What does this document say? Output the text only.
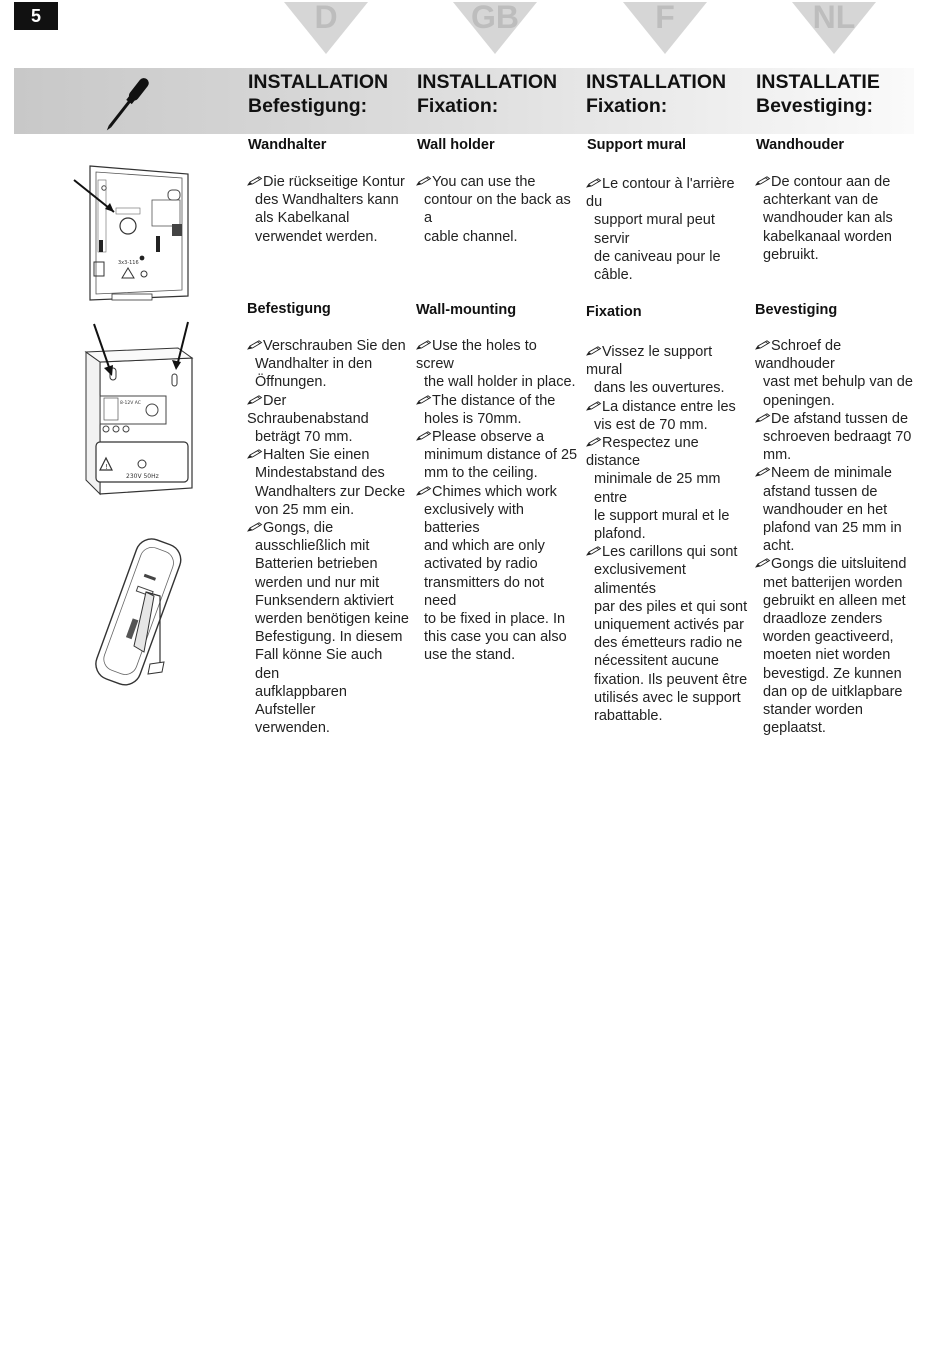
5	D	GB	F	NL
INSTALLATION
Befestigung:
INSTALLATION
Fixation:
INSTALLATION
Fixation:
INSTALLATIE
Bevestiging:
Wandhalter	Wall holder	Support mural	Wandhouder
Die rückseitige Kontur
des Wandhalters kann
als Kabelkanal
verwendet werden.
You can use the
contour on the back as a
cable channel.
Le contour à l'arrière du
support mural peut servir
de caniveau pour le
câble.
De contour aan de
achterkant van de
wandhouder kan als
kabelkanaal worden
gebruikt.
Befestigung	Wall-mounting	Fixation	Bevestiging
Verschrauben Sie den
Wandhalter in den
Öffnungen.
Der Schraubenabstand
beträgt 70 mm.
Halten Sie einen
Mindestabstand des
Wandhalters zur Decke
von 25 mm ein.
Gongs, die
ausschließlich mit
Batterien betrieben
werden und nur mit
Funksendern aktiviert
werden benötigen keine
Befestigung. In diesem
Fall könne Sie auch den
aufklappbaren Aufsteller
verwenden.
Use the holes to screw
the wall holder in place.
The distance of the
holes is 70mm.
Please observe a
minimum distance of 25
mm to the ceiling.
Chimes which work
exclusively with batteries
and which are only
activated by radio
transmitters do not need
to be fixed in place. In
this case you can also
use the stand.
Vissez le support mural
dans les ouvertures.
La distance entre les
vis est de 70 mm.
Respectez une distance
minimale de 25 mm entre
le support mural et le
plafond.
Les carillons qui sont
exclusivement alimentés
par des piles et qui sont
uniquement activés par
des émetteurs radio ne
nécessitent aucune
fixation. Ils peuvent être
utilisés avec le support
rabattable.
Schroef de wandhouder
vast met behulp van de
openingen.
De afstand tussen de
schroeven bedraagt 70
mm.
Neem de minimale
afstand tussen de
wandhouder en het
plafond van 25 mm in
acht.
Gongs die uitsluitend
met batterijen worden
gebruikt en alleen met
draadloze zenders
worden geactiveerd,
moeten niet worden
bevestigd. Ze kunnen
dan op de uitklapbare
stander worden
geplaatst.
3x3-116
8-12V AC
!
230V 50Hz
